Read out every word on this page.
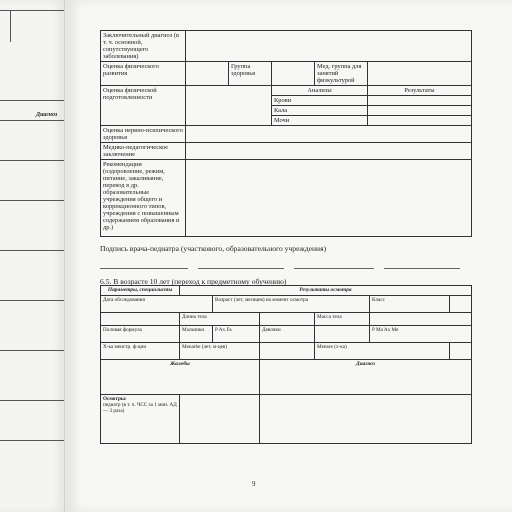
Диагноз
Заключительный диагноз (в т. ч. основной, сопутствующего заболевания)					
Оценка физического развития		Группа здоровья		Мед. группа для занятий физкультурой	
Оценка физической подготовленности			Анализы		Результаты
			Крови		
			Кала		
			Мочи		
Оценка нервно-психического здоровья					
Медико-педагогическое заключение					
Рекомендации (оздоровление, режим, питание, закаливание, перевод в др. образовательные учреждения общего и коррекционного типов, учреждения с повышенным содержанием образования и др.)					
Подпись врача-педиатра (участкового, образовательного учреждения)
6.5. В возрасте 10 лет (переход к предметному обучению)
Параметры, специалисты	Результаты осмотра					
Дата обследования		Возраст (лет, месяцев) на момент осмотра			Класс	
	Длина тела			Масса тела		
Половая формула	Мальчики	P Ax Fa	Девочки		P Ma Ax Me	
Х-ка менстр. ф-ции	Menarhe (лет, м-цев)			Menses (х-ка)		
Жалобы			Диагноз			
Осмотры:
педиатр (в т. ч. ЧСС за 1 мин. АД — 3 раза)						
9
